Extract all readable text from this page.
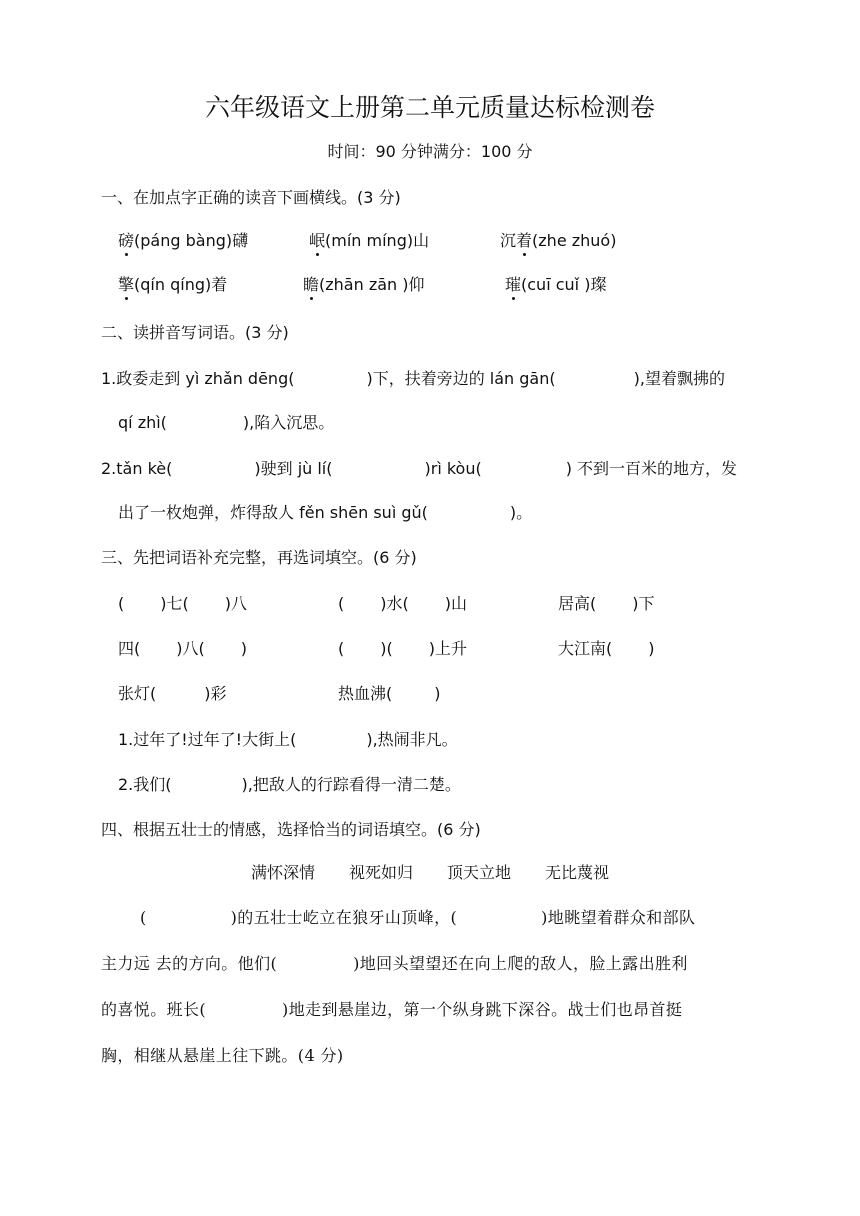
六年级语文上册第二单元质量达标检测卷
时间：90 分钟满分：100 分
一、在加点字正确的读音下画横线。(3 分)
磅(páng bàng)礴	岷(mín míng)山	沉着(zhe zhuó)
擎(qín qíng)着	瞻(zhān zān )仰	璀(cuī cuǐ )璨
二、读拼音写词语。(3 分)
1.政委走到 yì zhǎn dēng(	)下，扶着旁边的 lán gān(	),望着飘拂的
qí zhì(	),陷入沉思。
2.tǎn kè(	)驶到 jù lí(	)rì kòu(	) 不到一百米的地方，发
出了一枚炮弹，炸得敌人 fěn shēn suì gǔ(	)。
三、先把词语补充完整，再选词填空。(6 分)
( )七( )八	( )水( )山	居高( )下
四( )八( )	( )( )上升	大江南( )
张灯(	)彩	热血沸(	)
1.过年了!过年了!大街上(	),热闹非凡。
2.我们(	),把敌人的行踪看得一清二楚。
四、根据五壮士的情感，选择恰当的词语填空。(6 分)
满怀深情 视死如归 顶天立地 无比蔑视
(	)的五壮士屹立在狼牙山顶峰，(	)地眺望着群众和部队
主力远 去的方向。他们(	)地回头望望还在向上爬的敌人，脸上露出胜利
的喜悦。班长(	)地走到悬崖边，第一个纵身跳下深谷。战士们也昂首挺
胸，相继从悬崖上往下跳。(4 分)
